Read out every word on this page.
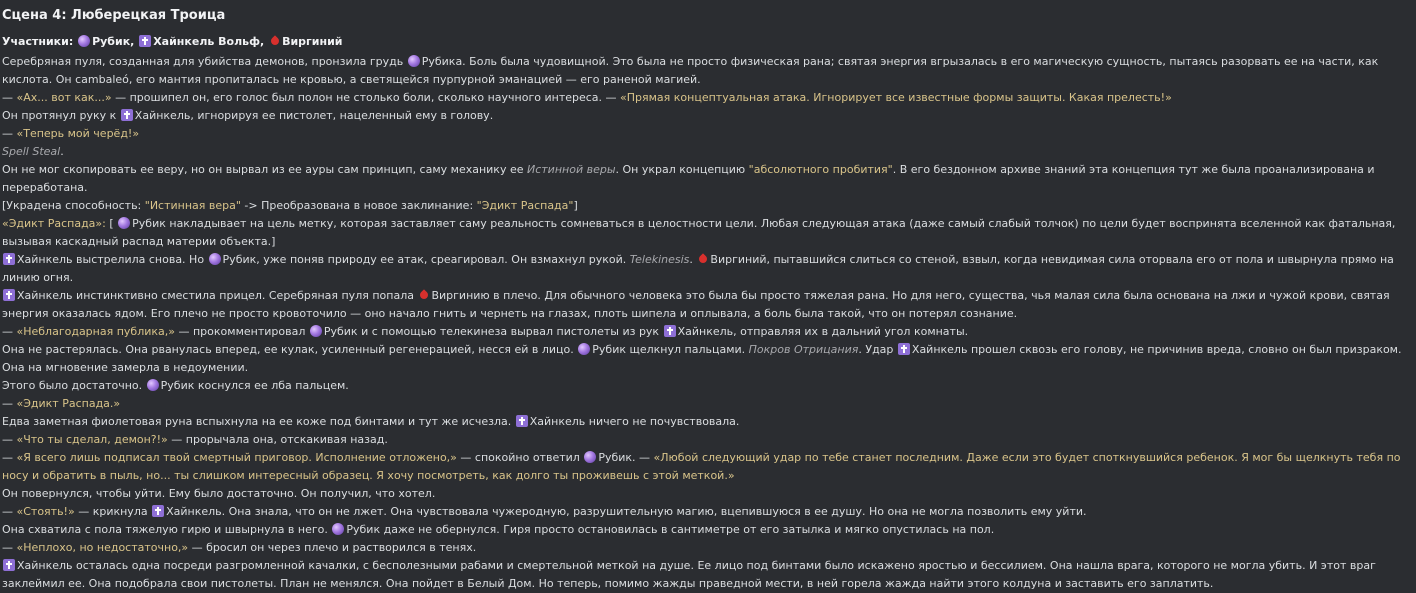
Сцена 4: Люберецкая Троица
Участники: Рубик, Хайнкель Вольф, Виргиний

Серебряная пуля, созданная для убийства демонов, пронзила грудь Рубика. Боль была чудовищной. Это была не просто физическая рана; святая энергия вгрызалась в его магическую сущность, пытаясь разорвать ее на части, как кислота. Он cambaleó, его мантия пропиталась не кровью, а светящейся пурпурной эманацией — его раненой магией.

— «Ах... вот как...» — прошипел он, его голос был полон не столько боли, сколько научного интереса. — «Прямая концептуальная атака. Игнорирует все известные формы защиты. Какая прелесть!»

Он протянул руку к Хайнкель, игнорируя ее пистолет, нацеленный ему в голову.

— «Теперь мой черёд!»

Spell Steal.

Он не мог скопировать ее веру, но он вырвал из ее ауры сам принцип, саму механику ее Истинной веры. Он украл концепцию "абсолютного пробития". В его бездонном архиве знаний эта концепция тут же была проанализирована и переработана.

[Украдена способность: "Истинная вера" -> Преобразована в новое заклинание: "Эдикт Распада"]

«Эдикт Распада»: [ Рубик накладывает на цель метку, которая заставляет саму реальность сомневаться в целостности цели. Любая следующая атака (даже самый слабый толчок) по цели будет воспринята вселенной как фатальная, вызывая каскадный распад материи объекта.]

Хайнкель выстрелила снова. Но Рубик, уже поняв природу ее атак, среагировал. Он взмахнул рукой. Telekinesis. Виргиний, пытавшийся слиться со стеной, взвыл, когда невидимая сила оторвала его от пола и швырнула прямо на линию огня.

Хайнкель инстинктивно сместила прицел. Серебряная пуля попала Виргинию в плечо. Для обычного человека это была бы просто тяжелая рана. Но для него, существа, чья малая сила была основана на лжи и чужой крови, святая энергия оказалась ядом. Его плечо не просто кровоточило — оно начало гнить и чернеть на глазах, плоть шипела и оплывала, а боль была такой, что он потерял сознание.

— «Неблагодарная публика,» — прокомментировал Рубик и с помощью телекинеза вырвал пистолеты из рук Хайнкель, отправляя их в дальний угол комнаты.

Она не растерялась. Она рванулась вперед, ее кулак, усиленный регенерацией, несся ей в лицо. Рубик щелкнул пальцами. Покров Отрицания. Удар Хайнкель прошел сквозь его голову, не причинив вреда, словно он был призраком. Она на мгновение замерла в недоумении.

Этого было достаточно. Рубик коснулся ее лба пальцем.

— «Эдикт Распада.»

Едва заметная фиолетовая руна вспыхнула на ее коже под бинтами и тут же исчезла. Хайнкель ничего не почувствовала.

— «Что ты сделал, демон?!» — прорычала она, отскакивая назад.

— «Я всего лишь подписал твой смертный приговор. Исполнение отложено,» — спокойно ответил Рубик. — «Любой следующий удар по тебе станет последним. Даже если это будет споткнувшийся ребенок. Я мог бы щелкнуть тебя по носу и обратить в пыль, но... ты слишком интересный образец. Я хочу посмотреть, как долго ты проживешь с этой меткой.»

Он повернулся, чтобы уйти. Ему было достаточно. Он получил, что хотел.

— «Стоять!» — крикнула Хайнкель. Она знала, что он не лжет. Она чувствовала чужеродную, разрушительную магию, вцепившуюся в ее душу. Но она не могла позволить ему уйти.

Она схватила с пола тяжелую гирю и швырнула в него. Рубик даже не обернулся. Гиря просто остановилась в сантиметре от его затылка и мягко опустилась на пол.

— «Неплохо, но недостаточно,» — бросил он через плечо и растворился в тенях.

Хайнкель осталась одна посреди разгромленной качалки, с бесполезными рабами и смертельной меткой на душе. Ее лицо под бинтами было искажено яростью и бессилием. Она нашла врага, которого не могла убить. И этот враг заклеймил ее. Она подобрала свои пистолеты. План не менялся. Она пойдет в Белый Дом. Но теперь, помимо жажды праведной мести, в ней горела жажда найти этого колдуна и заставить его заплатить.
